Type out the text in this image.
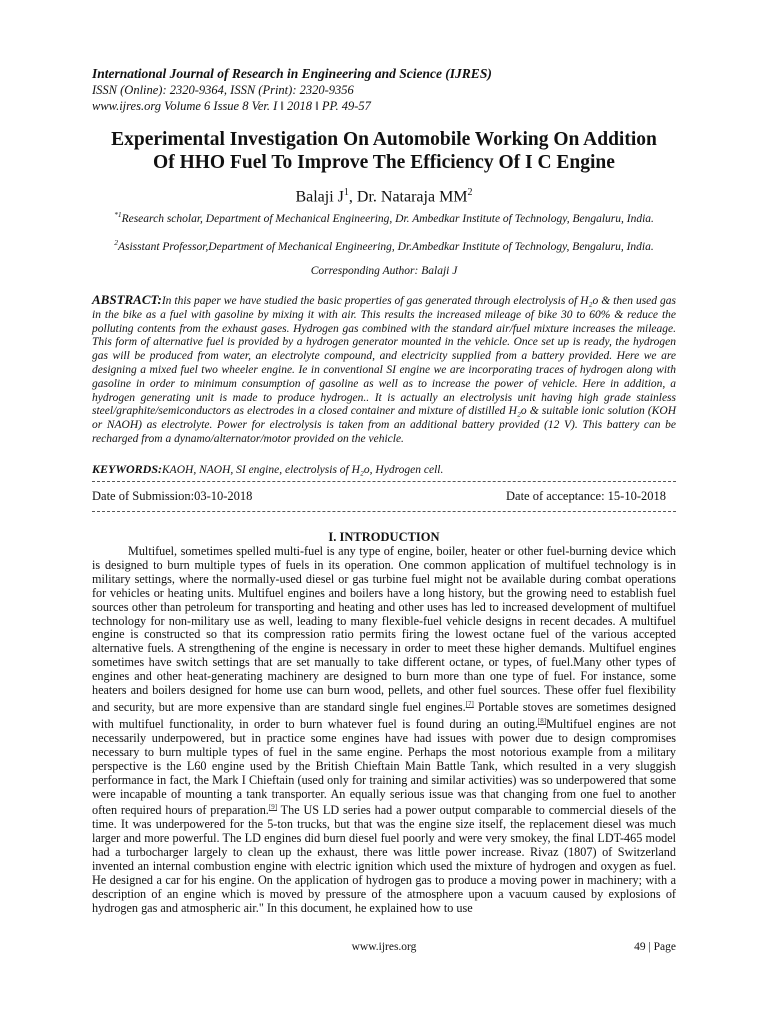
International Journal of Research in Engineering and Science (IJRES)
ISSN (Online): 2320-9364, ISSN (Print): 2320-9356
www.ijres.org Volume 6 Issue 8 Ver. I ǁ 2018 ǁ PP. 49-57
Experimental Investigation On Automobile Working On Addition
Of HHO Fuel To Improve The Efficiency Of I C Engine
Balaji $J^1$, Dr. Nataraja $MM^2$
$^{*1}$Research scholar, Department of Mechanical Engineering, Dr. Ambedkar Institute of Technology, Bengaluru, India.
$^2$Asisstant Professor,Department of Mechanical Engineering, Dr.Ambedkar Institute of Technology, Bengaluru, India.
Corresponding Author: Balaji J
ABSTRACT:In this paper we have studied the basic properties of gas generated through electrolysis of H₂o & then used gas in the bike as a fuel with gasoline by mixing it with air. This results the increased mileage of bike 30 to 60% & reduce the polluting contents from the exhaust gases. Hydrogen gas combined with the standard air/fuel mixture increases the mileage. This form of alternative fuel is provided by a hydrogen generator mounted in the vehicle. Once set up is ready, the hydrogen gas will be produced from water, an electrolyte compound, and electricity supplied from a battery provided. Here we are designing a mixed fuel two wheeler engine. Ie in conventional SI engine we are incorporating traces of hydrogen along with gasoline in order to minimum consumption of gasoline as well as to increase the power of vehicle. Here in addition, a hydrogen generating unit is made to produce hydrogen.. It is actually an electrolysis unit having high grade stainless steel/graphite/semiconductors as electrodes in a closed container and mixture of distilled H₂o & suitable ionic solution (KOH or NAOH) as electrolyte. Power for electrolysis is taken from an additional battery provided (12 V). This battery can be recharged from a dynamo/alternator/motor provided on the vehicle.
KEYWORDS:KAOH, NAOH, SI engine, electrolysis of H₂o, Hydrogen cell.
Date of Submission:03-10-2018	Date of acceptance: 15-10-2018
I. INTRODUCTION

Multifuel, sometimes spelled multi-fuel is any type of engine, boiler, heater or other fuel-burning device which is designed to burn multiple types of fuels in its operation. One common application of multifuel technology is in military settings, where the normally-used diesel or gas turbine fuel might not be available during combat operations for vehicles or heating units. Multifuel engines and boilers have a long history, but the growing need to establish fuel sources other than petroleum for transporting and heating and other uses has led to increased development of multifuel technology for non-military use as well, leading to many flexible-fuel vehicle designs in recent decades. A multifuel engine is constructed so that its compression ratio permits firing the lowest octane fuel of the various accepted alternative fuels. A strengthening of the engine is necessary in order to meet these higher demands. Multifuel engines sometimes have switch settings that are set manually to take different octane, or types, of fuel.Many other types of engines and other heat-generating machinery are designed to burn more than one type of fuel. For instance, some heaters and boilers designed for home use can burn wood, pellets, and other fuel sources. These offer fuel flexibility and security, but are more expensive than are standard single fuel engines.[7] Portable stoves are sometimes designed with multifuel functionality, in order to burn whatever fuel is found during an outing.[8]Multifuel engines are not necessarily underpowered, but in practice some engines have had issues with power due to design compromises necessary to burn multiple types of fuel in the same engine. Perhaps the most notorious example from a military perspective is the L60 engine used by the British Chieftain Main Battle Tank, which resulted in a very sluggish performance in fact, the Mark I Chieftain (used only for training and similar activities) was so underpowered that some were incapable of mounting a tank transporter. An equally serious issue was that changing from one fuel to another often required hours of preparation.[9] The US LD series had a power output comparable to commercial diesels of the time. It was underpowered for the 5-ton trucks, but that was the engine size itself, the replacement diesel was much larger and more powerful. The LD engines did burn diesel fuel poorly and were very smokey, the final LDT-465 model had a turbocharger largely to clean up the exhaust, there was little power increase. Rivaz (1807) of Switzerland invented an internal combustion engine with electric ignition which used the mixture of hydrogen and oxygen as fuel. He designed a car for his engine. On the application of hydrogen gas to produce a moving power in machinery; with a description of an engine which is moved by pressure of the atmosphere upon a vacuum caused by explosions of hydrogen gas and atmospheric air." In this document, he explained how to use

www.ijres.org	49 | Page
